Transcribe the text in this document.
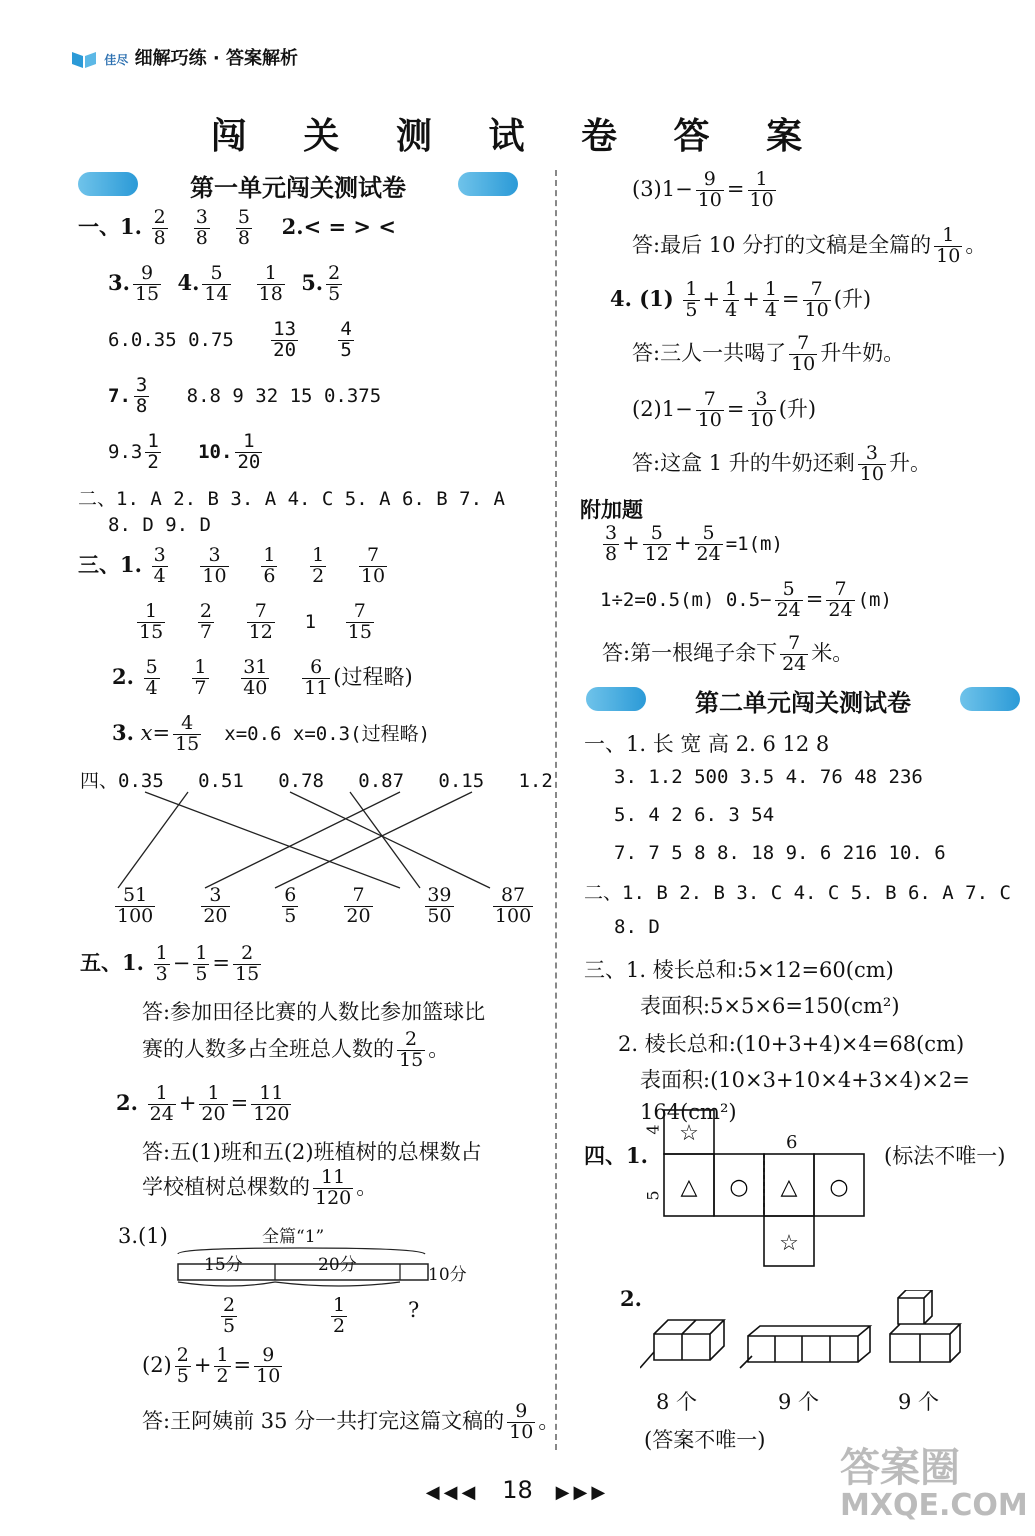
佳尽 细解巧练 · 答案解析
闯 关 测 试 卷 答 案
第一单元闯关测试卷
一、1. $\frac{2}{8}$
$\frac{3}{8}$
$\frac{5}{8} 2.<$ = > <
3. $\frac{9}{15} 4$. $\frac{5}{14}$
$\frac{1}{18} 5$. $\frac{2}{5}$
6.0.35 $0.75 \frac{13}{20}$
$\frac{4}{5}$
7. $\frac{3}{8} 8.8$ 9 32 15 0.375
$9.3 \frac{1}{2} 10$. $\frac{1}{20}$
二、1. A 2. B 3. A 4. C 5. A 6. B 7. A
8. D 9. D
三、1. $\frac{3}{4}$
$\frac{3}{10}$
$\frac{1}{6}$
$\frac{1}{2}$
$\frac{7}{10}$
$\frac{1}{15}$
$\frac{2}{7}$
$\frac{7}{12} 1 \frac{7}{15}$
2. $\frac{5}{4}$
$\frac{1}{7}$
$\frac{31}{40}$
$\frac{6}{11}$ (过程略)
3. $x= \frac{4}{15} x=0.6$ x=0.3(过程略)
四、0.35 0.51 0.78 0.87 0.15 1.2
$\frac{51}{100}$
$\frac{3}{20}$
	$\frac{6}{5}$
$\frac{7}{20}$
	$\frac{39}{50}$
$\frac{87}{100}$
五、1. $\frac{1}{3} - \frac{1}{5} = \frac{2}{15}$
答:参加田径比赛的人数比参加篮球比
赛的人数多占全班总人数的 $\frac{2}{15}$ 。
2. $\frac{1}{24} + \frac{1}{20} = \frac{11}{120}$
答:五(1)班和五(2)班植树的总棵数占
学校植树总棵数的 $\frac{11}{120}$ 。
3.(1)	全篇“1”
15分	20分	10分
$\frac{2}{5}$	$\frac{1}{2}$	?
$(2) \frac{2}{5} + \frac{1}{2} = \frac{9}{10}$
答:王阿姨前 35 分一共打完这篇文稿的 $\frac{9}{10}$ 。
$(3)1- \frac{9}{10} = \frac{1}{10}$
答:最后 10 分打的文稿是全篇的 $\frac{1}{10}$ 。
4. $(1) \frac{1}{5} + \frac{1}{4} + \frac{1}{4} = \frac{7}{10}$ (升)
答:三人一共喝了 $\frac{7}{10}$ 升牛奶。
$(2)1- \frac{7}{10} = \frac{3}{10}$ (升)
答:这盒 1 升的牛奶还剩 $\frac{3}{10}$ 升。
附加题
$\frac{3}{8} + \frac{5}{12} + \frac{5}{24} =1(m)$
1÷2=0.5(m) $0.5- \frac{5}{24} = \frac{7}{24} (m)$
答:第一根绳子余下 $\frac{7}{24}$ 米。
第二单元闯关测试卷
一、1. 长 宽 高 2. 6 12 8
3. 1.2 500 3.5 4. 76 48 236
5. 4 2 6. 3 54
7. 7 5 8 8. 18 9. 6 216 10. 6
二、1. B 2. B 3. C 4. C 5. B 6. A 7. C
8. D
三、1. 棱长总和:5×12=60(cm)
表面积:5×5×6=150(cm²)
2. 棱长总和:(10+3+4)×4=68(cm)
表面积:(10×3+10×4+3×4)×2=
164(cm²)
四、1.	(标法不唯一)
4
5
6
☆
△ ○ △ ○
☆
2.
8 个	9 个	9 个
(答案不唯一)
◀◀◀ 18 ▶▶▶
答案圈
MXQE.COM
